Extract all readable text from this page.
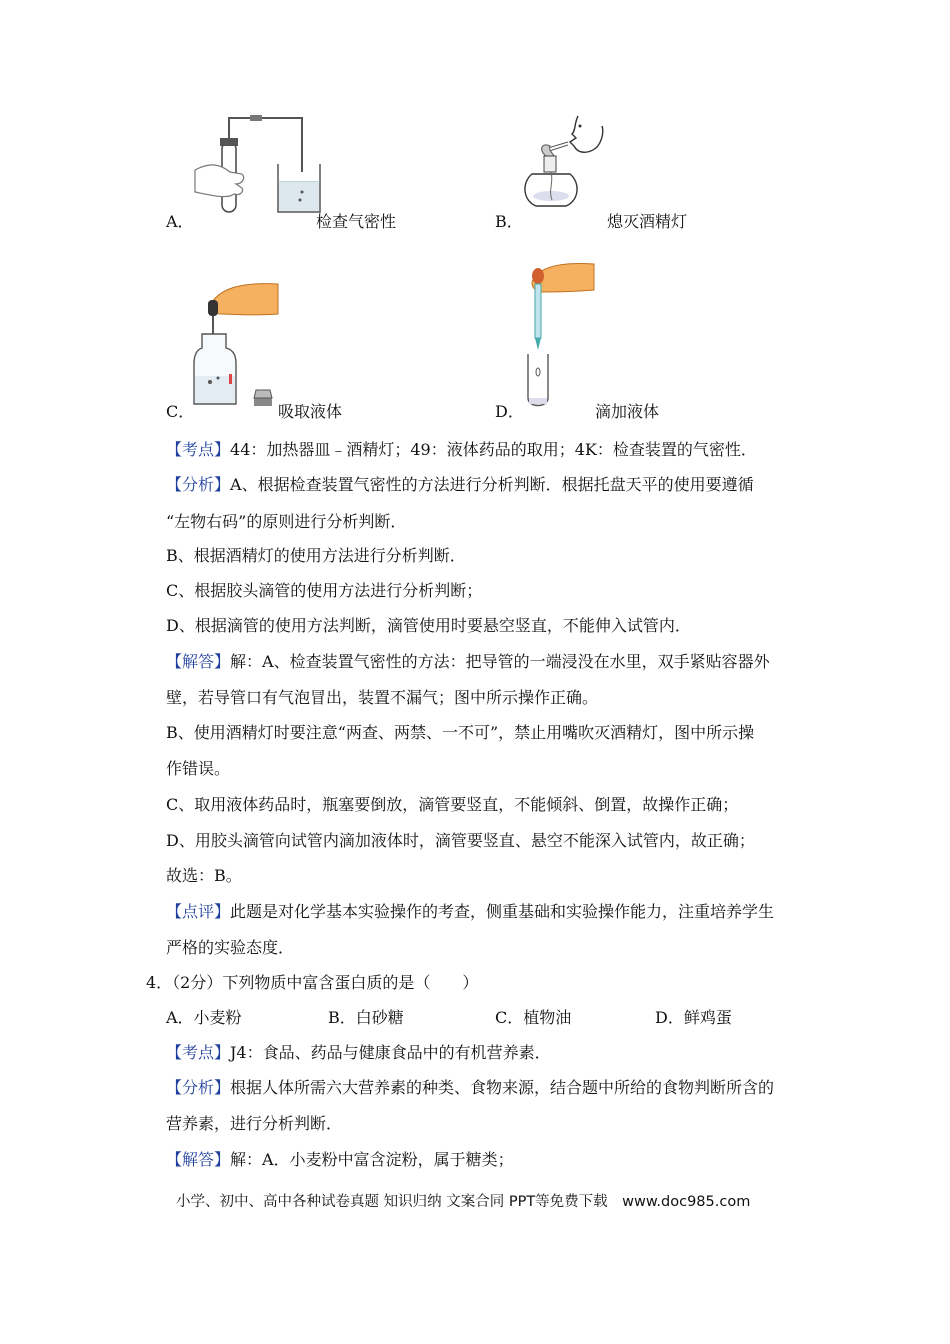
A．	检查气密性	B．	熄灭酒精灯
C．	吸取液体	D．	滴加液体
【考点】44：加热器皿﹣酒精灯；49：液体药品的取用；4K：检查装置的气密性．
【分析】A、根据检查装置气密性的方法进行分析判断．根据托盘天平的使用要遵循
“左物右码”的原则进行分析判断．
B、根据酒精灯的使用方法进行分析判断．
C、根据胶头滴管的使用方法进行分析判断；
D、根据滴管的使用方法判断，滴管使用时要悬空竖直，不能伸入试管内．
【解答】解：A、检查装置气密性的方法：把导管的一端浸没在水里，双手紧贴容器外
壁，若导管口有气泡冒出，装置不漏气；图中所示操作正确。
B、使用酒精灯时要注意“两查、两禁、一不可”，禁止用嘴吹灭酒精灯，图中所示操
作错误。
C、取用液体药品时，瓶塞要倒放，滴管要竖直，不能倾斜、倒置，故操作正确；
D、用胶头滴管向试管内滴加液体时，滴管要竖直、悬空不能深入试管内，故正确；
故选：B。
【点评】此题是对化学基本实验操作的考查，侧重基础和实验操作能力，注重培养学生
严格的实验态度．
4．（2分）下列物质中富含蛋白质的是（　　）
A．小麦粉	B．白砂糖	C．植物油	D．鲜鸡蛋
【考点】J4：食品、药品与健康食品中的有机营养素．
【分析】根据人体所需六大营养素的种类、食物来源，结合题中所给的食物判断所含的
营养素，进行分析判断．
【解答】解：A．小麦粉中富含淀粉，属于糖类；
小学、初中、高中各种试卷真题 知识归纳 文案合同 PPT等免费下载　www.doc985.com
